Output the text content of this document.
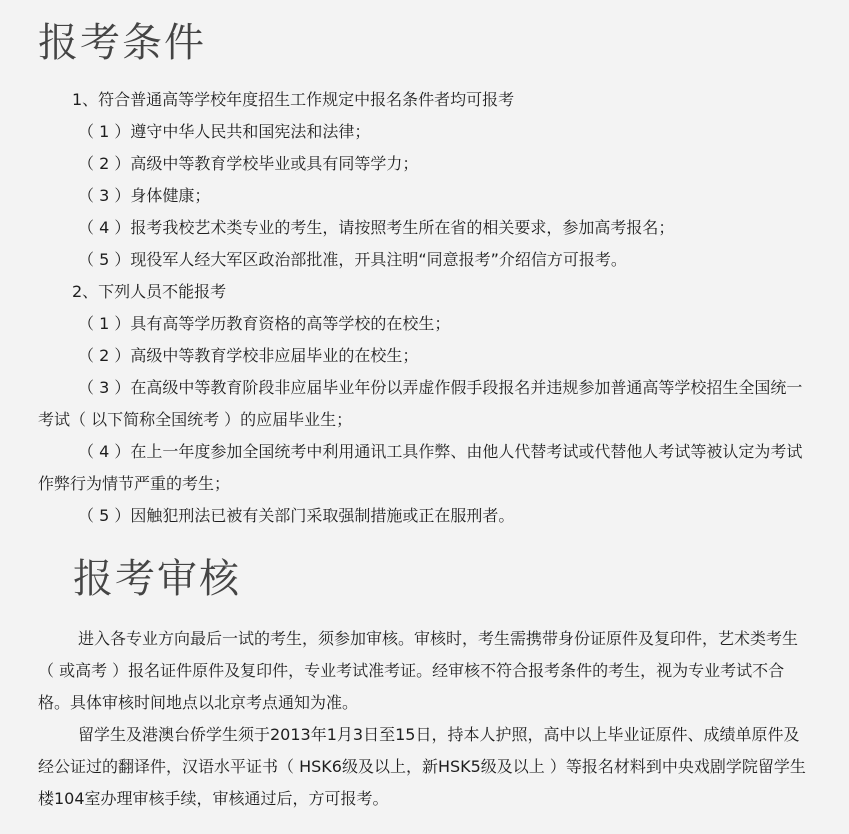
报考条件

1、符合普通高等学校年度招生工作规定中报名条件者均可报考

（ 1 ）遵守中华人民共和国宪法和法律；

（ 2 ）高级中等教育学校毕业或具有同等学力；

（ 3 ）身体健康；

（ 4 ）报考我校艺术类专业的考生，请按照考生所在省的相关要求，参加高考报名；

（ 5 ）现役军人经大军区政治部批准，开具注明“同意报考”介绍信方可报考。

2、下列人员不能报考

（ 1 ）具有高等学历教育资格的高等学校的在校生；

（ 2 ）高级中等教育学校非应届毕业的在校生；

（ 3 ）在高级中等教育阶段非应届毕业年份以弄虚作假手段报名并违规参加普通高等学校招生全国统一考试（ 以下简称全国统考 ）的应届毕业生；

（ 4 ）在上一年度参加全国统考中利用通讯工具作弊、由他人代替考试或代替他人考试等被认定为考试作弊行为情节严重的考生；

（ 5 ）因触犯刑法已被有关部门采取强制措施或正在服刑者。

报考审核

进入各专业方向最后一试的考生，须参加审核。审核时，考生需携带身份证原件及复印件，艺术类考生（ 或高考 ）报名证件原件及复印件，专业考试准考证。经审核不符合报考条件的考生，视为专业考试不合格。具体审核时间地点以北京考点通知为准。

留学生及港澳台侨学生须于2013年1月3日至15日，持本人护照，高中以上毕业证原件、成绩单原件及经公证过的翻译件，汉语水平证书（ HSK6级及以上，新HSK5级及以上 ）等报名材料到中央戏剧学院留学生楼104室办理审核手续，审核通过后，方可报考。
